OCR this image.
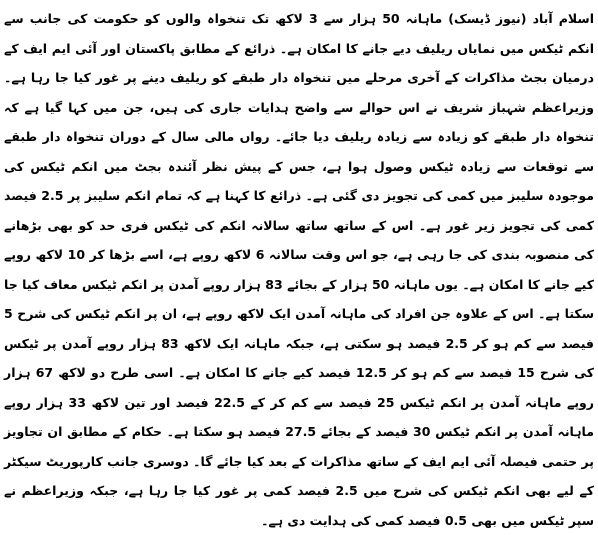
اسلام آباد (نیوز ڈیسک) ماہانہ 50 ہزار سے 3 لاکھ تک تنخواہ والوں کو حکومت کی جانب سے انکم ٹیکس میں نمایاں ریلیف دیے جانے کا امکان ہے۔ ذرائع کے مطابق پاکستان اور آئی ایم ایف کے درمیان بجٹ مذاکرات کے آخری مرحلے میں تنخواہ دار طبقے کو ریلیف دینے پر غور کیا جا رہا ہے۔ وزیراعظم شہباز شریف نے اس حوالے سے واضح ہدایات جاری کی ہیں، جن میں کہا گیا ہے کہ تنخواہ دار طبقے کو زیادہ سے زیادہ ریلیف دیا جائے۔ رواں مالی سال کے دوران تنخواہ دار طبقے سے توقعات سے زیادہ ٹیکس وصول ہوا ہے، جس کے پیش نظر آئندہ بجٹ میں انکم ٹیکس کی موجودہ سلیبز میں کمی کی تجویز دی گئی ہے۔ ذرائع کا کہنا ہے کہ تمام انکم سلیبز پر 2.5 فیصد کمی کی تجویز زیر غور ہے۔ اس کے ساتھ ساتھ سالانہ انکم کی ٹیکس فری حد کو بھی بڑھانے کی منصوبہ بندی کی جا رہی ہے، جو اس وقت سالانہ 6 لاکھ روپے ہے، اسے بڑھا کر 10 لاکھ روپے کیے جانے کا امکان ہے۔ یوں ماہانہ 50 ہزار کے بجائے 83 ہزار روپے آمدن پر انکم ٹیکس معاف کیا جا سکتا ہے۔ اس کے علاوہ جن افراد کی ماہانہ آمدن ایک لاکھ روپے ہے، ان پر انکم ٹیکس کی شرح 5 فیصد سے کم ہو کر 2.5 فیصد ہو سکتی ہے، جبکہ ماہانہ ایک لاکھ 83 ہزار روپے آمدن پر ٹیکس کی شرح 15 فیصد سے کم ہو کر 12.5 فیصد کیے جانے کا امکان ہے۔ اسی طرح دو لاکھ 67 ہزار روپے ماہانہ آمدن پر انکم ٹیکس 25 فیصد سے کم کر کے 22.5 فیصد اور تین لاکھ 33 ہزار روپے ماہانہ آمدن پر انکم ٹیکس 30 فیصد کے بجائے 27.5 فیصد ہو سکتا ہے۔ حکام کے مطابق ان تجاویز پر حتمی فیصلہ آئی ایم ایف کے ساتھ مذاکرات کے بعد کیا جائے گا۔ دوسری جانب کارپوریٹ سیکٹر کے لیے بھی انکم ٹیکس کی شرح میں 2.5 فیصد کمی پر غور کیا جا رہا ہے، جبکہ وزیراعظم نے سپر ٹیکس میں بھی 0.5 فیصد کمی کی ہدایت دی ہے۔
